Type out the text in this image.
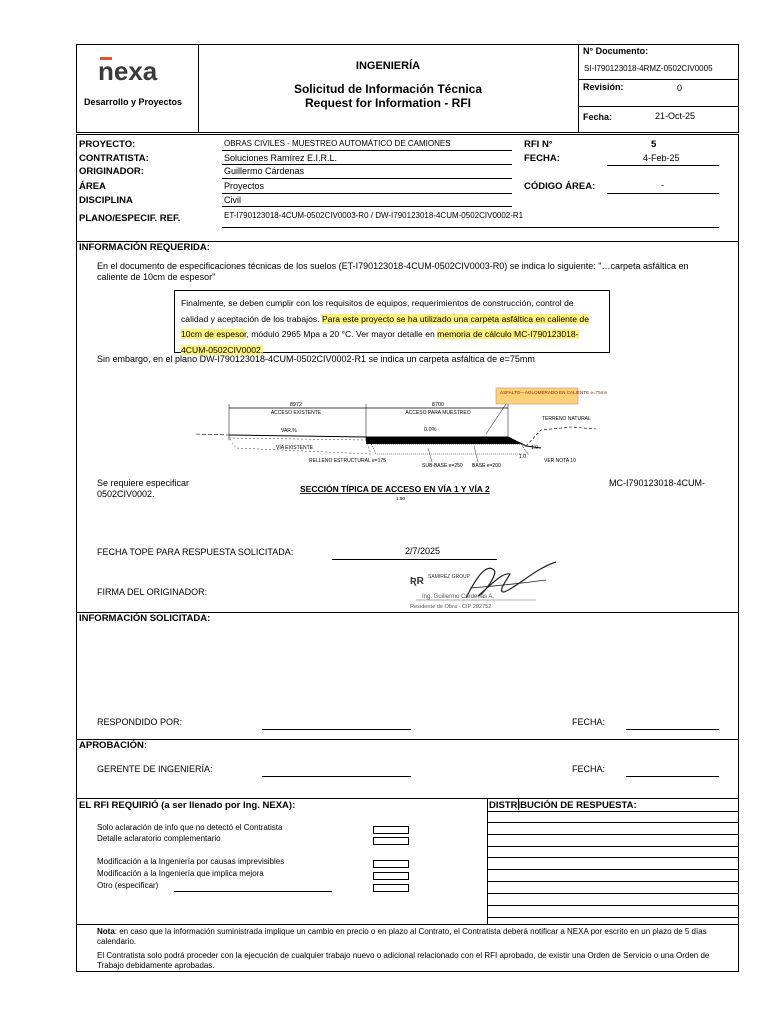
nexa
Desarrollo y Proyectos
INGENIERÍA
Solicitud de Información Técnica
Request for Information - RFI
N° Documento:
SI-I790123018-4RMZ-0502CIV0005
Revisión:	0
Fecha:	21-Oct-25
PROYECTO:	OBRAS CIVILES - MUESTREO AUTOMÁTICO DE CAMIONES
CONTRATISTA:	Soluciones Ramírez E.I.R.L.
ORIGINADOR:	Guillermo Cárdenas
ÁREA	Proyectos
DISCIPLINA	Civil
PLANO/ESPECIF. REF.	ET-I790123018-4CUM-0502CIV0003-R0 / DW-I790123018-4CUM-0502CIV0002-R1
RFI N°	5
FECHA:	4-Feb-25
CÓDIGO ÁREA:	-
INFORMACIÓN REQUERIDA:
En el documento de especificaciones técnicas de los suelos (ET-I790123018-4CUM-0502CIV0003-R0) se indica lo siguiente: "…carpeta asfáltica en caliente de 10cm de espesor"
Finalmente, se deben cumplir con los requisitos de equipos, requerimientos de construcción, control de calidad y aceptación de los trabajos. Para este proyecto se ha utilizado una carpeta asfáltica en caliente de 10cm de espesor, módulo 2965 Mpa a 20 °C. Ver mayor detalle en memoria de cálculo MC-I790123018-4CUM-0502CIV0002.
Sin embargo, en el plano DW-I790123018-4CUM-0502CIV0002-R1 se indica un carpeta asfáltica de e=75mm
8972
ACCESO EXISTENTE
8700
ACCESO PARA MUESTREO
ASFALTO—AGLOMERADO EN CALIENTE e=75mm
TERRENO NATURAL
VAR.%	0.0%
VÍA EXISTENTE
RELLENO ESTRUCTURAL e=175
SUB-BASE e=250 BASE e=200
1.0
1.0
VER NOTA 10
SECCIÓN TÍPICA DE ACCESO EN VÍA 1 Y VÍA 2
1:50
Se requiere especificar	MC-I790123018-4CUM-
0502CIV0002.
FECHA TOPE PARA RESPUESTA SOLICITADA:	2/7/2025
FIRMA DEL ORIGINADOR:
ƦR SAMIREZ GROUP
Ing. Guillermo Cárdenas A.
Residente de Obra - CIP 292752
INFORMACIÓN SOLICITADA:
RESPONDIDO POR:	FECHA:
APROBACIÓN:
GERENTE DE INGENIERÍA:	FECHA:
EL RFI REQUIRIÓ (a ser llenado por Ing. NEXA):
Solo aclaración de info que no detectó el Contratista
Detalle aclaratorio complementario
Modificación a la Ingeniería por causas imprevisibles
Modificación a la Ingeniería que implica mejora
Otro (especificar)
DISTRIBUCIÓN DE RESPUESTA:
Nota: en caso que la información suministrada implique un cambio en precio o en plazo al Contrato, el Contratista deberá notificar a NEXA por escrito en un plazo de 5 días calendario.
El Contratista solo podrá proceder con la ejecución de cualquier trabajo nuevo o adicional relacionado con el RFI aprobado, de existir una Orden de Servicio o una Orden de Trabajo debidamente aprobadas.
